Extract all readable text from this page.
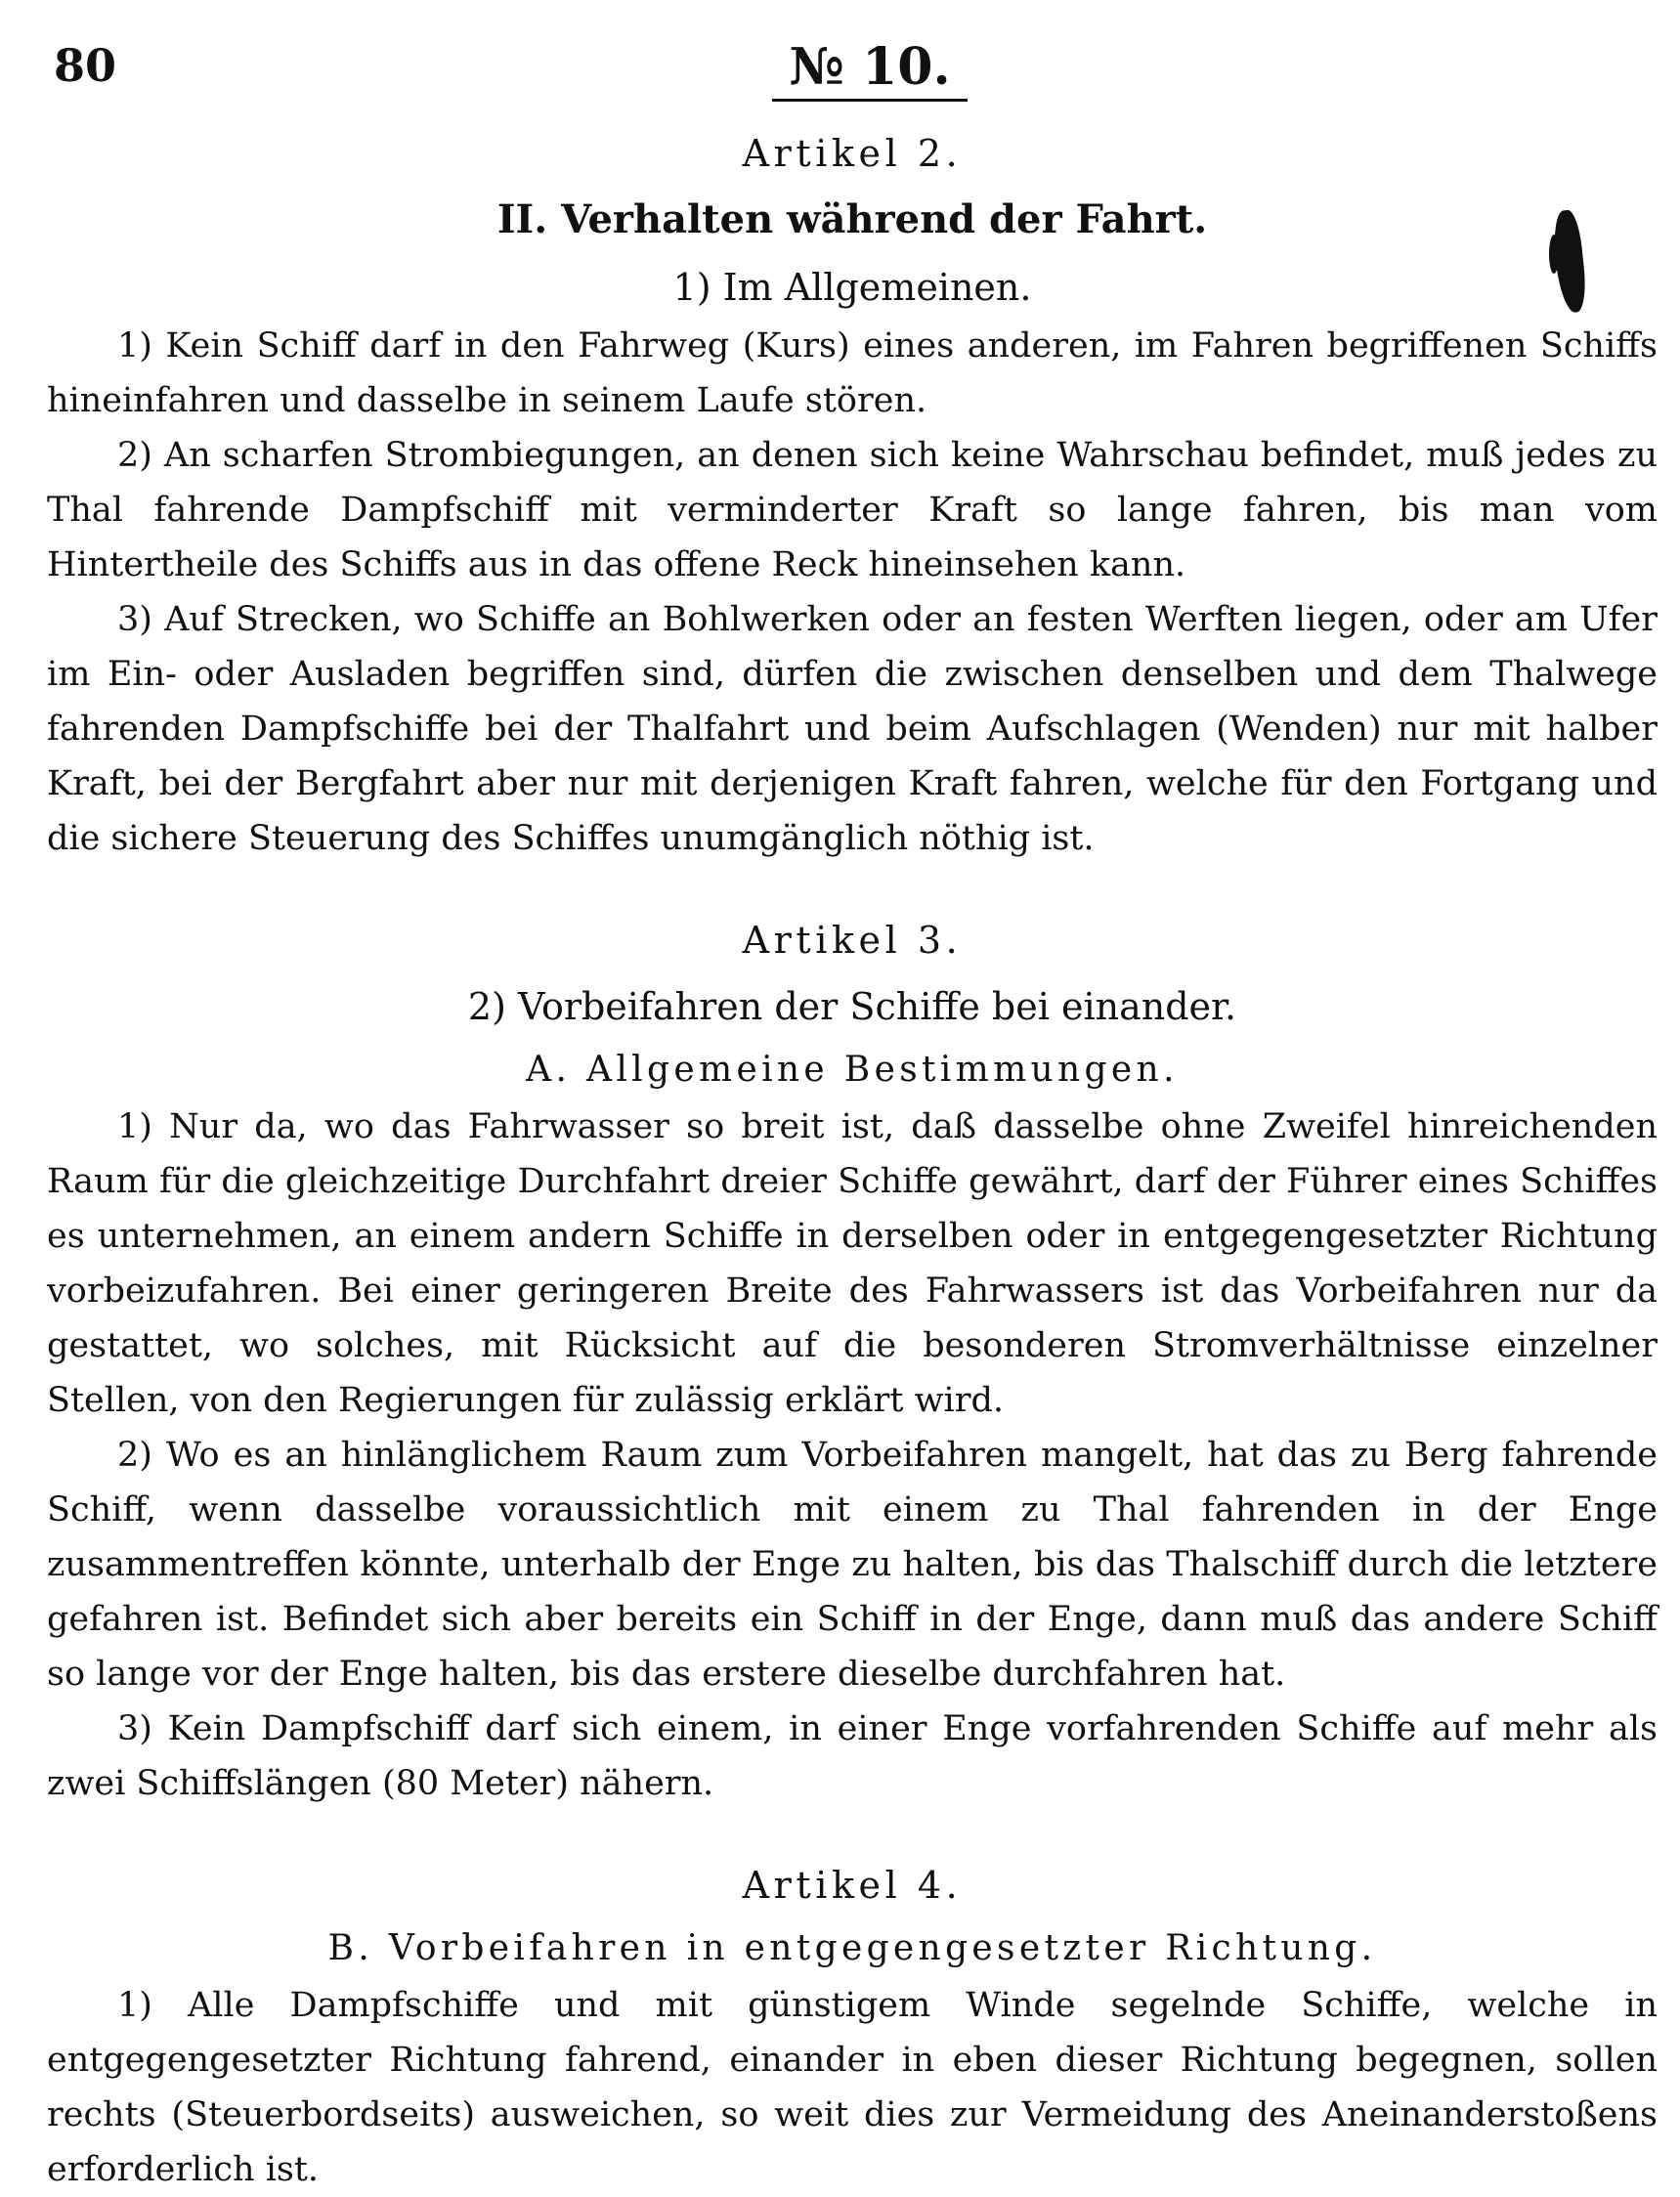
80	№ 10.

Artikel 2.

II. Verhalten während der Fahrt.

1) Im Allgemeinen.

1) Kein Schiff darf in den Fahrweg (Kurs) eines anderen, im Fahren begriffenen Schiffs hineinfahren und dasselbe in seinem Laufe stören.

2) An scharfen Strombiegungen, an denen sich keine Wahrschau befindet, muß jedes zu Thal fahrende Dampfschiff mit verminderter Kraft so lange fahren, bis man vom Hintertheile des Schiffs aus in das offene Reck hineinsehen kann.

3) Auf Strecken, wo Schiffe an Bohlwerken oder an festen Werften liegen, oder am Ufer im Ein- oder Ausladen begriffen sind, dürfen die zwischen denselben und dem Thalwege fahrenden Dampfschiffe bei der Thalfahrt und beim Aufschlagen (Wenden) nur mit halber Kraft, bei der Bergfahrt aber nur mit derjenigen Kraft fahren, welche für den Fortgang und die sichere Steuerung des Schiffes unumgänglich nöthig ist.

Artikel 3.

2) Vorbeifahren der Schiffe bei einander.

A. Allgemeine Bestimmungen.

1) Nur da, wo das Fahrwasser so breit ist, daß dasselbe ohne Zweifel hinreichenden Raum für die gleichzeitige Durchfahrt dreier Schiffe gewährt, darf der Führer eines Schiffes es unternehmen, an einem andern Schiffe in derselben oder in entgegengesetzter Richtung vorbeizufahren. Bei einer geringeren Breite des Fahrwassers ist das Vorbeifahren nur da gestattet, wo solches, mit Rücksicht auf die besonderen Stromverhältnisse einzelner Stellen, von den Regierungen für zulässig erklärt wird.

2) Wo es an hinlänglichem Raum zum Vorbeifahren mangelt, hat das zu Berg fahrende Schiff, wenn dasselbe voraussichtlich mit einem zu Thal fahrenden in der Enge zusammentreffen könnte, unterhalb der Enge zu halten, bis das Thalschiff durch die letztere gefahren ist. Befindet sich aber bereits ein Schiff in der Enge, dann muß das andere Schiff so lange vor der Enge halten, bis das erstere dieselbe durchfahren hat.

3) Kein Dampfschiff darf sich einem, in einer Enge vorfahrenden Schiffe auf mehr als zwei Schiffslängen (80 Meter) nähern.

Artikel 4.

B. Vorbeifahren in entgegengesetzter Richtung.

1) Alle Dampfschiffe und mit günstigem Winde segelnde Schiffe, welche in entgegengesetzter Richtung fahrend, einander in eben dieser Richtung begegnen, sollen rechts (Steuerbordseits) ausweichen, so weit dies zur Vermeidung des Aneinanderstoßens erforderlich ist.
